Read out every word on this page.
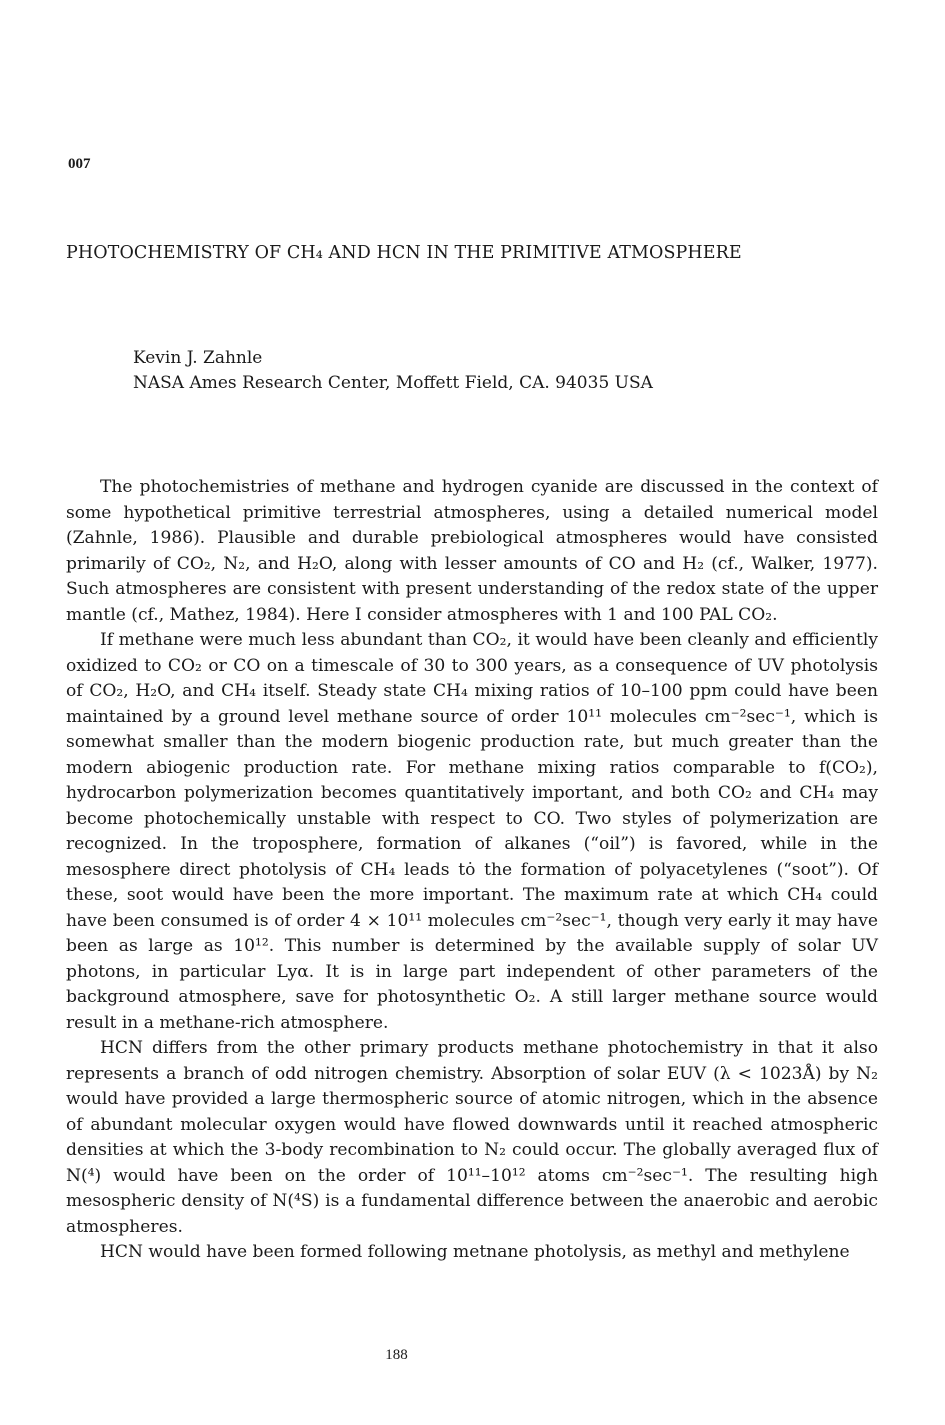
007
PHOTOCHEMISTRY OF CH₄ AND HCN IN THE PRIMITIVE ATMOSPHERE
Kevin J. Zahnle
NASA Ames Research Center, Moffett Field, CA. 94035 USA

The photochemistries of methane and hydrogen cyanide are discussed in the context of some hypothetical primitive terrestrial atmospheres, using a detailed numerical model (Zahnle, 1986). Plausible and durable prebiological atmospheres would have consisted primarily of CO₂, N₂, and H₂O, along with lesser amounts of CO and H₂ (cf., Walker, 1977). Such atmospheres are consistent with present understanding of the redox state of the upper mantle (cf., Mathez, 1984). Here I consider atmospheres with 1 and 100 PAL CO₂.

If methane were much less abundant than CO₂, it would have been cleanly and efficiently oxidized to CO₂ or CO on a timescale of 30 to 300 years, as a consequence of UV photolysis of CO₂, H₂O, and CH₄ itself. Steady state CH₄ mixing ratios of 10–100 ppm could have been maintained by a ground level methane source of order 10¹¹ molecules cm⁻²sec⁻¹, which is somewhat smaller than the modern biogenic production rate, but much greater than the modern abiogenic production rate. For methane mixing ratios comparable to f(CO₂), hydrocarbon polymerization becomes quantitatively important, and both CO₂ and CH₄ may become photochemically unstable with respect to CO. Two styles of polymerization are recognized. In the troposphere, formation of alkanes (“oil”) is favored, while in the mesosphere direct photolysis of CH₄ leads tȯ the formation of polyacetylenes (“soot”). Of these, soot would have been the more important. The maximum rate at which CH₄ could have been consumed is of order 4 × 10¹¹ molecules cm⁻²sec⁻¹, though very early it may have been as large as 10¹². This number is determined by the available supply of solar UV photons, in particular Lyα. It is in large part independent of other parameters of the background atmosphere, save for photosynthetic O₂. A still larger methane source would result in a methane-rich atmosphere.

HCN differs from the other primary products methane photochemistry in that it also represents a branch of odd nitrogen chemistry. Absorption of solar EUV (λ < 1023Å) by N₂ would have provided a large thermospheric source of atomic nitrogen, which in the absence of abundant molecular oxygen would have flowed downwards until it reached atmospheric densities at which the 3-body recombination to N₂ could occur. The globally averaged flux of N(⁴) would have been on the order of 10¹¹–10¹² atoms cm⁻²sec⁻¹. The resulting high mesospheric density of N(⁴S) is a fundamental difference between the anaerobic and aerobic atmospheres.

HCN would have been formed following metnane photolysis, as methyl and methylene

188
